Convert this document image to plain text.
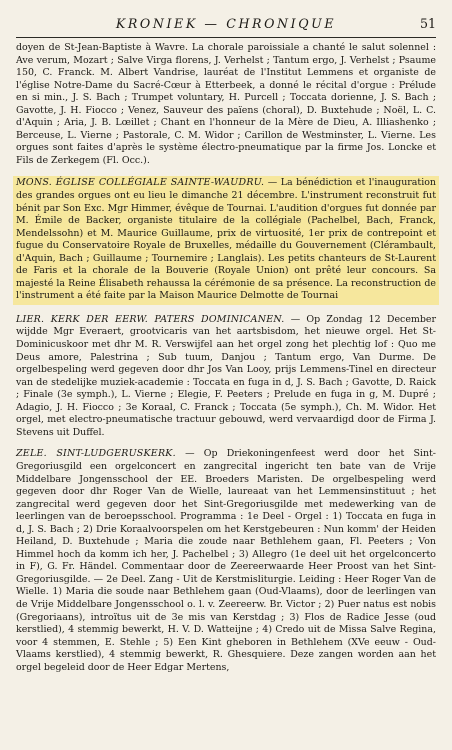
KRONIEK — CHRONIQUE	51

doyen de St-Jean-Baptiste à Wavre. La chorale paroissiale a chanté le salut solennel : Ave verum, Mozart ; Salve Virga florens, J. Verhelst ; Tantum ergo, J. Verhelst ; Psaume 150, C. Franck. M. Albert Vandrise, lauréat de l'Institut Lemmens et organiste de l'église Notre-Dame du Sacré-Cœur à Etterbeek, a donné le récital d'orgue : Prélude en si min., J. S. Bach ; Trumpet voluntary, H. Purcell ; Toccata dorienne, J. S. Bach ; Gavotte, J. H. Fiocco ; Venez, Sauveur des païens (choral), D. Buxtehude ; Noël, L. C. d'Aquin ; Aria, J. B. Lœillet ; Chant en l'honneur de la Mère de Dieu, A. Illiashenko ; Berceuse, L. Vierne ; Pastorale, C. M. Widor ; Carillon de Westminster, L. Vierne. Les orgues sont faites d'après le système électro-pneumatique par la firme Jos. Loncke et Fils de Zerkegem (Fl. Occ.).

MONS. ÉGLISE COLLÉGIALE SAINTE-WAUDRU. — La bénédiction et l'inauguration des grandes orgues ont eu lieu le dimanche 21 décembre. L'instrument reconstruit fut bénit par Son Exc. Mgr Himmer, évêque de Tournai. L'audition d'orgues fut donnée par M. Émile de Backer, organiste titulaire de la collégiale (Pachelbel, Bach, Franck, Mendelssohn) et M. Maurice Guillaume, prix de virtuosité, 1er prix de contrepoint et fugue du Conservatoire Royale de Bruxelles, médaille du Gouvernement (Clérambault, d'Aquin, Bach ; Guillaume ; Tournemire ; Langlais). Les petits chanteurs de St-Laurent de Faris et la chorale de la Bouverie (Royale Union) ont prêté leur concours. Sa majesté la Reine Élisabeth rehaussa la cérémonie de sa présence. La reconstruction de l'instrument a été faite par la Maison Maurice Delmotte de Tournai

LIER. KERK DER EERW. PATERS DOMINICANEN. — Op Zondag 12 December wijdde Mgr Everaert, grootvicaris van het aartsbisdom, het nieuwe orgel. Het St-Dominicuskoor met dhr M. R. Verswijfel aan het orgel zong het plechtig lof : Quo me Deus amore, Palestrina ; Sub tuum, Danjou ; Tantum ergo, Van Durme. De orgelbespeling werd gegeven door dhr Jos Van Looy, prijs Lemmens-Tinel en directeur van de stedelijke muziek-academie : Toccata en fuga in d, J. S. Bach ; Gavotte, D. Raick ; Finale (3e symph.), L. Vierne ; Elegie, F. Peeters ; Prelude en fuga in g, M. Dupré ; Adagio, J. H. Fiocco ; 3e Koraal, C. Franck ; Toccata (5e symph.), Ch. M. Widor. Het orgel, met electro-pneumatische tractuur gebouwd, werd vervaardigd door de Firma J. Stevens uit Duffel.

ZELE. SINT-LUDGERUSKERK. — Op Driekoningenfeest werd door het Sint-Gregoriusgild een orgelconcert en zangrecital ingericht ten bate van de Vrije Middelbare Jongensschool der EE. Broeders Maristen. De orgelbespeling werd gegeven door dhr Roger Van de Wielle, laureaat van het Lemmensinstituut ; het zangrecital werd gegeven door het Sint-Gregoriusgilde met medewerking van de leerlingen van de beroepsschool. Programma : 1e Deel - Orgel : 1) Toccata en fuga in d, J. S. Bach ; 2) Drie Koraalvoorspelen om het Kerstgebeuren : Nun komm' der Heiden Heiland, D. Buxtehude ; Maria die zoude naar Bethlehem gaan, Fl. Peeters ; Von Himmel hoch da komm ich her, J. Pachelbel ; 3) Allegro (1e deel uit het orgelconcerto in F), G. Fr. Händel. Commentaar door de Zeereerwaarde Heer Proost van het Sint-Gregoriusgilde. — 2e Deel. Zang - Uit de Kerstmisliturgie. Leiding : Heer Roger Van de Wielle. 1) Maria die soude naar Bethlehem gaan (Oud-Vlaams), door de leerlingen van de Vrije Middelbare Jongensschool o. l. v. Zeereerw. Br. Victor ; 2) Puer natus est nobis (Gregoriaans), introïtus uit de 3e mis van Kerstdag ; 3) Flos de Radice Jesse (oud kerstlied), 4 stemmig bewerkt, H. V. D. Watteijne ; 4) Credo uit de Missa Salve Regina, voor 4 stemmen, E. Stehle ; 5) Een Kint gheboren in Bethlehem (XVe eeuw - Oud-Vlaams kerstlied), 4 stemmig bewerkt, R. Ghesquiere. Deze zangen worden aan het orgel begeleid door de Heer Edgar Mertens,
